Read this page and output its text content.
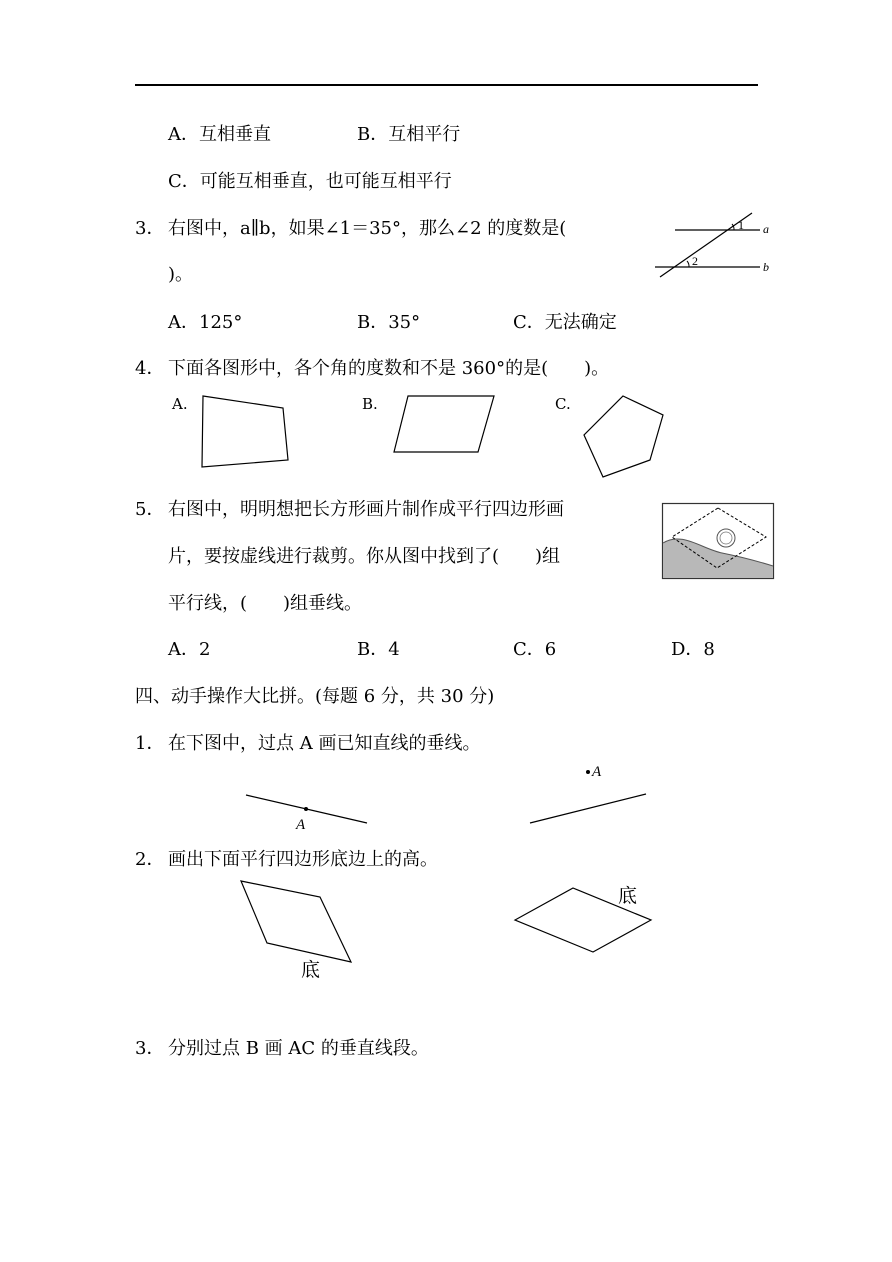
A．互相垂直	B．互相平行
C．可能互相垂直，也可能互相平行
3． 右图中，a∥b，如果∠1＝35°，那么∠2 的度数是(
)。
1
2
a
b
A．125°	B．35°	C．无法确定
4． 下面各图形中，各个角的度数和不是 360°的是(　　)。
A.	B.	C.
5． 右图中，明明想把长方形画片制作成平行四边形画
片，要按虚线进行裁剪。你从图中找到了(　　)组
平行线，(　　)组垂线。
A．2	B．4	C．6	D．8
四、动手操作大比拼。(每题 6 分，共 30 分)
1． 在下图中，过点 A 画已知直线的垂线。
A
A
2． 画出下面平行四边形底边上的高。
底
底
3． 分别过点 B 画 AC 的垂直线段。
